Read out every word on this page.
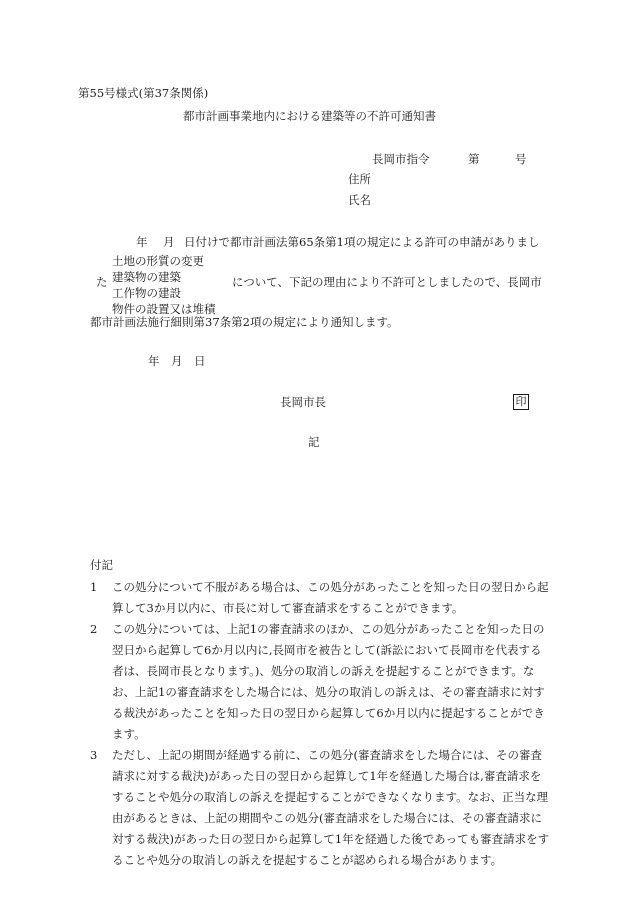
第55号様式(第37条関係)
都市計画事業地内における建築等の不許可通知書
長岡市指令	第	号
住所
氏名
年 月 日付けで都市計画法第65条第1項の規定による許可の申請がありまし
土地の形質の変更
建築物の建築
工作物の建設
物件の設置又は堆積
た	について、下記の理由により不許可としましたので、長岡市
都市計画法施行細則第37条第2項の規定により通知します。
年　月　日
長岡市長	印
記
付記
1	この処分について不服がある場合は、この処分があったことを知った日の翌日から起算して3か月以内に、市長に対して審査請求をすることができます。
2	この処分については、上記1の審査請求のほか、この処分があったことを知った日の翌日から起算して6か月以内に,長岡市を被告として(訴訟において長岡市を代表する者は、長岡市長となります。)、処分の取消しの訴えを提起することができます。なお、上記1の審査請求をした場合には、処分の取消しの訴えは、その審査請求に対する裁決があったことを知った日の翌日から起算して6か月以内に提起することができます。
3	ただし、上記の期間が経過する前に、この処分(審査請求をした場合には、その審査請求に対する裁決)があった日の翌日から起算して1年を経過した場合は,審査請求をすることや処分の取消しの訴えを提起することができなくなります。なお、正当な理由があるときは、上記の期間やこの処分(審査請求をした場合には、その審査請求に対する裁決)があった日の翌日から起算して1年を経過した後であっても審査請求をすることや処分の取消しの訴えを提起することが認められる場合があります。
